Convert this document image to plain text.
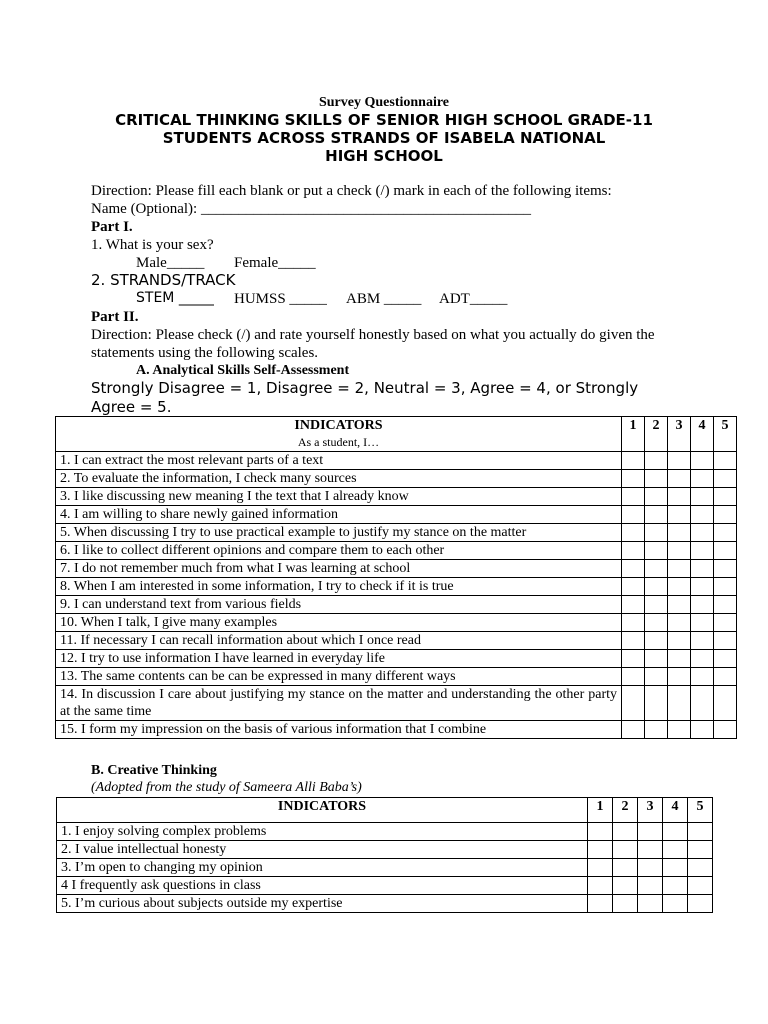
Survey Questionnaire
CRITICAL THINKING SKILLS OF SENIOR HIGH SCHOOL GRADE-11
STUDENTS ACROSS STRANDS OF ISABELA NATIONAL
HIGH SCHOOL
Direction: Please fill each blank or put a check (/) mark in each of the following items:
Name (Optional): ____________________________________________
Part I.
1. What is your sex?
Male_____ Female_____
2. STRANDS/TRACK
STEM _____ HUMSS _____ ABM _____ ADT_____
Part II.
Direction: Please check (/) and rate yourself honestly based on what you actually do given the
statements using the following scales.
A. Analytical Skills Self-Assessment
Strongly Disagree = 1, Disagree = 2, Neutral = 3, Agree = 4, or Strongly
Agree = 5.
INDICATORS
As a student, I…	1	2	3	4	5
1. I can extract the most relevant parts of a text					
2. To evaluate the information, I check many sources					
3. I like discussing new meaning I the text that I already know					
4. I am willing to share newly gained information					
5. When discussing I try to use practical example to justify my stance on the matter					
6. I like to collect different opinions and compare them to each other					
7. I do not remember much from what I was learning at school					
8. When I am interested in some information, I try to check if it is true					
9. I can understand text from various fields					
10. When I talk, I give many examples					
11. If necessary I can recall information about which I once read					
12. I try to use information I have learned in everyday life					
13. The same contents can be can be expressed in many different ways					
14. In discussion I care about justifying my stance on the matter and understanding the other party at the same time					
15. I form my impression on the basis of various information that I combine					
B. Creative Thinking
(Adopted from the study of Sameera Alli Baba’s)
INDICATORS	1	2	3	4	5
1. I enjoy solving complex problems					
2. I value intellectual honesty					
3. I’m open to changing my opinion					
4 I frequently ask questions in class					
5. I’m curious about subjects outside my expertise					
